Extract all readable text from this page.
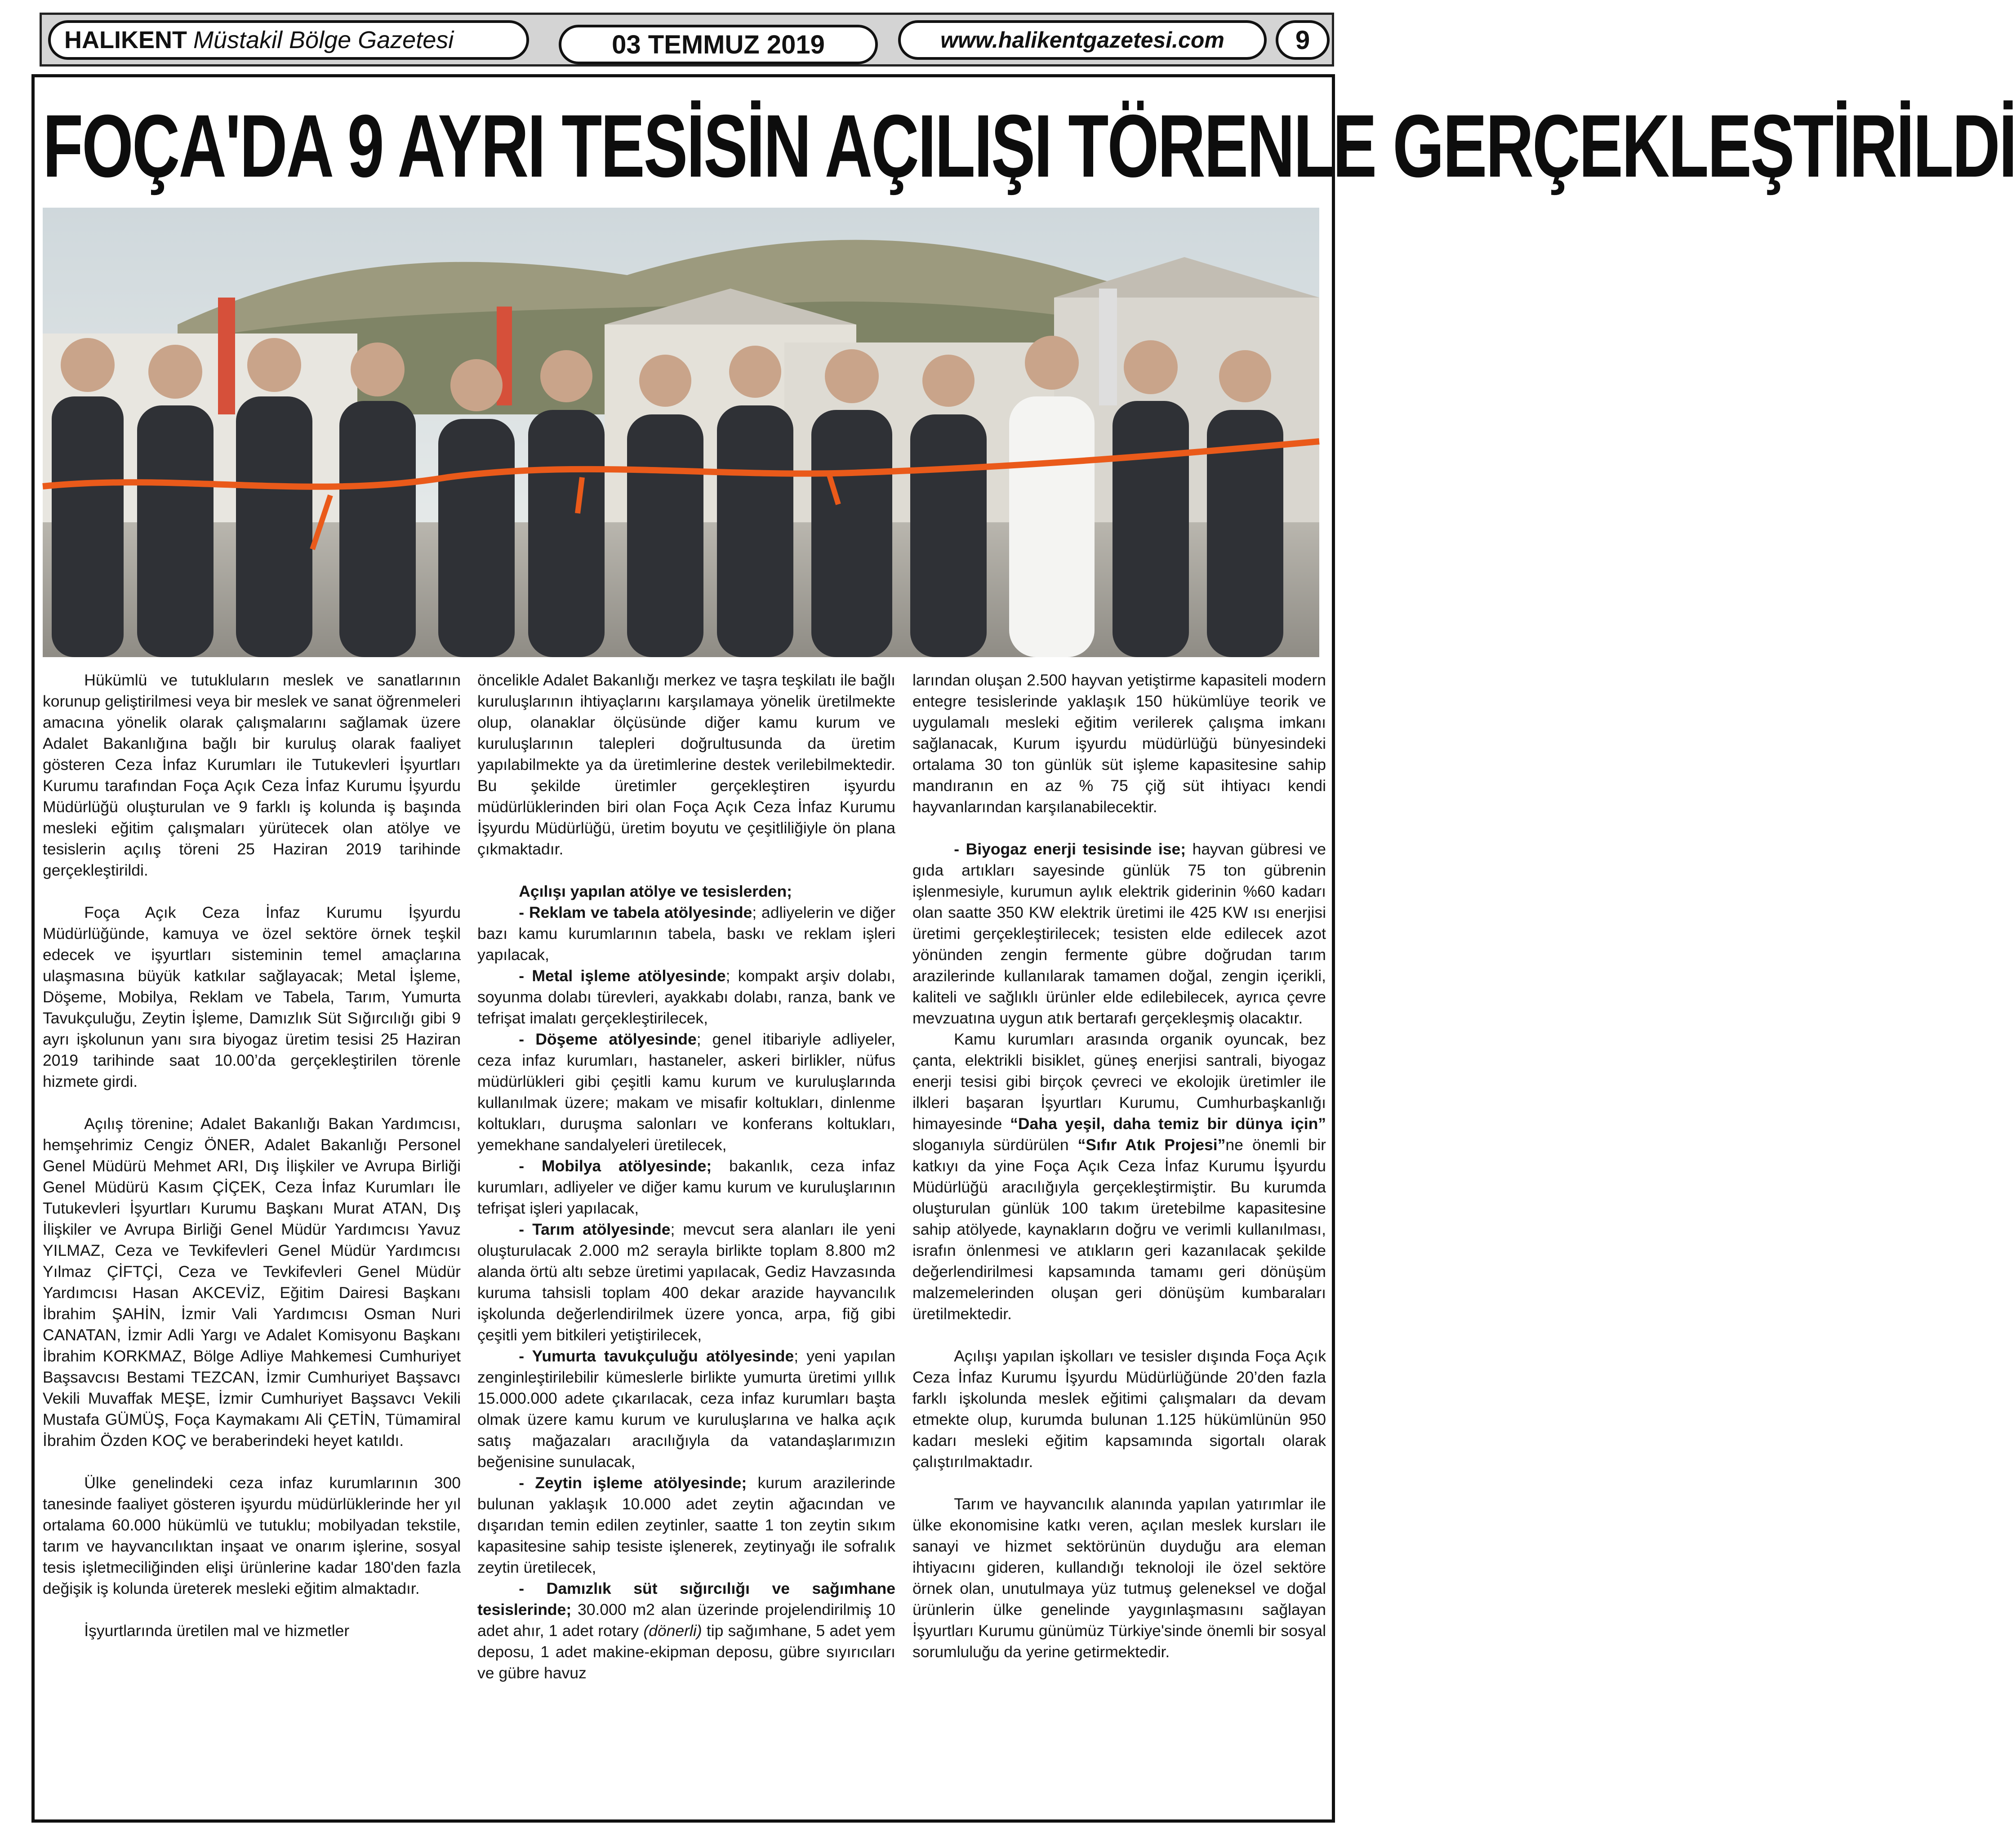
HALIKENT Müstakil Bölge Gazetesi	03 TEMMUZ 2019	www.halikentgazetesi.com	9
FOÇA'DA 9 AYRI TESİSİN AÇILIŞI TÖRENLE GERÇEKLEŞTİRİLDİ

Hükümlü ve tutukluların meslek ve sanatlarının korunup geliştirilmesi veya bir meslek ve sanat öğrenmeleri amacına yönelik olarak çalışmalarını sağlamak üzere Adalet Bakanlığına bağlı bir kuruluş olarak faaliyet gösteren Ceza İnfaz Kurumları ile Tutukevleri İşyurtları Kurumu tarafından Foça Açık Ceza İnfaz Kurumu İşyurdu Müdürlüğü oluşturulan ve 9 farklı iş kolunda iş başında mesleki eğitim çalışmaları yürütecek olan atölye ve tesislerin açılış töreni 25 Haziran 2019 tarihinde gerçekleştirildi.

Foça Açık Ceza İnfaz Kurumu İşyurdu Müdürlüğünde, kamuya ve özel sektöre örnek teşkil edecek ve işyurtları sisteminin temel amaçlarına ulaşmasına büyük katkılar sağlayacak; Metal İşleme, Döşeme, Mobilya, Reklam ve Tabela, Tarım, Yumurta Tavukçuluğu, Zeytin İşleme, Damızlık Süt Sığırcılığı gibi 9 ayrı işkolunun yanı sıra biyogaz üretim tesisi 25 Haziran 2019 tarihinde saat 10.00’da gerçekleştirilen törenle hizmete girdi.

Açılış törenine; Adalet Bakanlığı Bakan Yardımcısı, hemşehrimiz Cengiz ÖNER, Adalet Bakanlığı Personel Genel Müdürü Mehmet ARI, Dış İlişkiler ve Avrupa Birliği Genel Müdürü Kasım ÇİÇEK, Ceza İnfaz Kurumları İle Tutukevleri İşyurtları Kurumu Başkanı Murat ATAN, Dış İlişkiler ve Avrupa Birliği Genel Müdür Yardımcısı Yavuz YILMAZ, Ceza ve Tevkifevleri Genel Müdür Yardımcısı Yılmaz ÇİFTÇİ, Ceza ve Tevkifevleri Genel Müdür Yardımcısı Hasan AKCEVİZ, Eğitim Dairesi Başkanı İbrahim ŞAHİN, İzmir Vali Yardımcısı Osman Nuri CANATAN, İzmir Adli Yargı ve Adalet Komisyonu Başkanı İbrahim KORKMAZ, Bölge Adliye Mahkemesi Cumhuriyet Başsavcısı Bestami TEZCAN, İzmir Cumhuriyet Başsavcı Vekili Muvaffak MEŞE, İzmir Cumhuriyet Başsavcı Vekili Mustafa GÜMÜŞ, Foça Kaymakamı Ali ÇETİN, Tümamiral İbrahim Özden KOÇ ve beraberindeki heyet katıldı.

Ülke genelindeki ceza infaz kurumlarının 300 tanesinde faaliyet gösteren işyurdu müdürlüklerinde her yıl ortalama 60.000 hükümlü ve tutuklu; mobilyadan tekstile, tarım ve hayvancılıktan inşaat ve onarım işlerine, sosyal tesis işletmeciliğinden elişi ürünlerine kadar 180'den fazla değişik iş kolunda üreterek mesleki eğitim almaktadır.

İşyurtlarında üretilen mal ve hizmetler

öncelikle Adalet Bakanlığı merkez ve taşra teşkilatı ile bağlı kuruluşlarının ihtiyaçlarını karşılamaya yönelik üretilmekte olup, olanaklar ölçüsünde diğer kamu kurum ve kuruluşlarının talepleri doğrultusunda da üretim yapılabilmekte ya da üretimlerine destek verilebilmektedir. Bu şekilde üretimler gerçekleştiren işyurdu müdürlüklerinden biri olan Foça Açık Ceza İnfaz Kurumu İşyurdu Müdürlüğü, üretim boyutu ve çeşitliliğiyle ön plana çıkmaktadır.

Açılışı yapılan atölye ve tesislerden;

- Reklam ve tabela atölyesinde; adliyelerin ve diğer bazı kamu kurumlarının tabela, baskı ve reklam işleri yapılacak,

- Metal işleme atölyesinde; kompakt arşiv dolabı, soyunma dolabı türevleri, ayakkabı dolabı, ranza, bank ve tefrişat imalatı gerçekleştirilecek,

- Döşeme atölyesinde; genel itibariyle adliyeler, ceza infaz kurumları, hastaneler, askeri birlikler, nüfus müdürlükleri gibi çeşitli kamu kurum ve kuruluşlarında kullanılmak üzere; makam ve misafir koltukları, dinlenme koltukları, duruşma salonları ve konferans koltukları, yemekhane sandalyeleri üretilecek,

- Mobilya atölyesinde; bakanlık, ceza infaz kurumları, adliyeler ve diğer kamu kurum ve kuruluşlarının tefrişat işleri yapılacak,

- Tarım atölyesinde; mevcut sera alanları ile yeni oluşturulacak 2.000 m2 serayla birlikte toplam 8.800 m2 alanda örtü altı sebze üretimi yapılacak, Gediz Havzasında kuruma tahsisli toplam 400 dekar arazide hayvancılık işkolunda değerlendirilmek üzere yonca, arpa, fiğ gibi çeşitli yem bitkileri yetiştirilecek,

- Yumurta tavukçuluğu atölyesinde; yeni yapılan zenginleştirilebilir kümeslerle birlikte yumurta üretimi yıllık 15.000.000 adete çıkarılacak, ceza infaz kurumları başta olmak üzere kamu kurum ve kuruluşlarına ve halka açık satış mağazaları aracılığıyla da vatandaşlarımızın beğenisine sunulacak,

- Zeytin işleme atölyesinde; kurum arazilerinde bulunan yaklaşık 10.000 adet zeytin ağacından ve dışarıdan temin edilen zeytinler, saatte 1 ton zeytin sıkım kapasitesine sahip tesiste işlenerek, zeytinyağı ile sofralık zeytin üretilecek,

- Damızlık süt sığırcılığı ve sağımhane tesislerinde; 30.000 m2 alan üzerinde projelendirilmiş 10 adet ahır, 1 adet rotary (dönerli) tip sağımhane, 5 adet yem deposu, 1 adet makine-ekipman deposu, gübre sıyırıcıları ve gübre havuz

larından oluşan 2.500 hayvan yetiştirme kapasiteli modern entegre tesislerinde yaklaşık 150 hükümlüye teorik ve uygulamalı mesleki eğitim verilerek çalışma imkanı sağlanacak, Kurum işyurdu müdürlüğü bünyesindeki ortalama 30 ton günlük süt işleme kapasitesine sahip mandıranın en az % 75 çiğ süt ihtiyacı kendi hayvanlarından karşılanabilecektir.

- Biyogaz enerji tesisinde ise; hayvan gübresi ve gıda artıkları sayesinde günlük 75 ton gübrenin işlenmesiyle, kurumun aylık elektrik giderinin %60 kadarı olan saatte 350 KW elektrik üretimi ile 425 KW ısı enerjisi üretimi gerçekleştirilecek; tesisten elde edilecek azot yönünden zengin fermente gübre doğrudan tarım arazilerinde kullanılarak tamamen doğal, zengin içerikli, kaliteli ve sağlıklı ürünler elde edilebilecek, ayrıca çevre mevzuatına uygun atık bertarafı gerçekleşmiş olacaktır.

Kamu kurumları arasında organik oyuncak, bez çanta, elektrikli bisiklet, güneş enerjisi santrali, biyogaz enerji tesisi gibi birçok çevreci ve ekolojik üretimler ile ilkleri başaran İşyurtları Kurumu, Cumhurbaşkanlığı himayesinde “Daha yeşil, daha temiz bir dünya için” sloganıyla sürdürülen “Sıfır Atık Projesi”ne önemli bir katkıyı da yine Foça Açık Ceza İnfaz Kurumu İşyurdu Müdürlüğü aracılığıyla gerçekleştirmiştir. Bu kurumda oluşturulan günlük 100 takım üretebilme kapasitesine sahip atölyede, kaynakların doğru ve verimli kullanılması, israfın önlenmesi ve atıkların geri kazanılacak şekilde değerlendirilmesi kapsamında tamamı geri dönüşüm malzemelerinden oluşan geri dönüşüm kumbaraları üretilmektedir.

Açılışı yapılan işkolları ve tesisler dışında Foça Açık Ceza İnfaz Kurumu İşyurdu Müdürlüğünde 20’den fazla farklı işkolunda meslek eğitimi çalışmaları da devam etmekte olup, kurumda bulunan 1.125 hükümlünün 950 kadarı mesleki eğitim kapsamında sigortalı olarak çalıştırılmaktadır.

Tarım ve hayvancılık alanında yapılan yatırımlar ile ülke ekonomisine katkı veren, açılan meslek kursları ile sanayi ve hizmet sektörünün duyduğu ara eleman ihtiyacını gideren, kullandığı teknoloji ile özel sektöre örnek olan, unutulmaya yüz tutmuş geleneksel ve doğal ürünlerin ülke genelinde yaygınlaşmasını sağlayan İşyurtları Kurumu günümüz Türkiye'sinde önemli bir sosyal sorumluluğu da yerine getirmektedir.
